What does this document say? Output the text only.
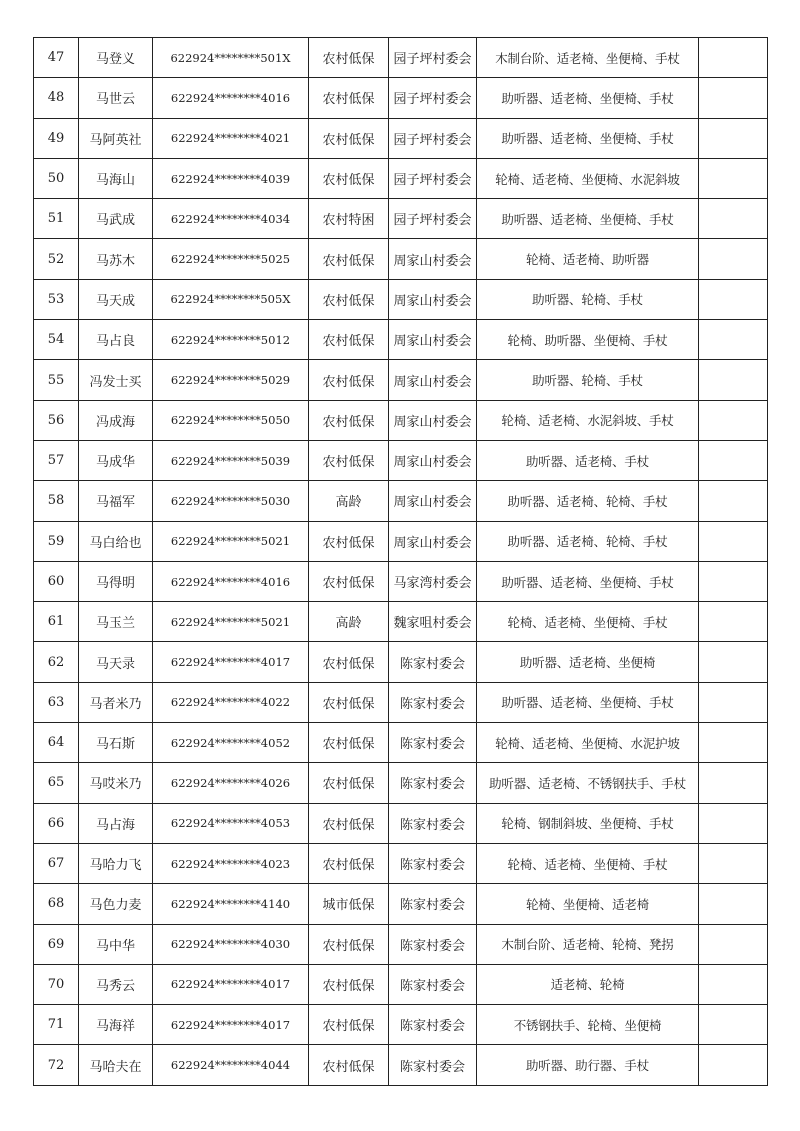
47	马登义	622924********501X	农村低保	园子坪村委会	木制台阶、适老椅、坐便椅、手杖	
48	马世云	622924********4016	农村低保	园子坪村委会	助听器、适老椅、坐便椅、手杖	
49	马阿英社	622924********4021	农村低保	园子坪村委会	助听器、适老椅、坐便椅、手杖	
50	马海山	622924********4039	农村低保	园子坪村委会	轮椅、适老椅、坐便椅、水泥斜坡	
51	马武成	622924********4034	农村特困	园子坪村委会	助听器、适老椅、坐便椅、手杖	
52	马苏木	622924********5025	农村低保	周家山村委会	轮椅、适老椅、助听器	
53	马天成	622924********505X	农村低保	周家山村委会	助听器、轮椅、手杖	
54	马占良	622924********5012	农村低保	周家山村委会	轮椅、助听器、坐便椅、手杖	
55	冯发士买	622924********5029	农村低保	周家山村委会	助听器、轮椅、手杖	
56	冯成海	622924********5050	农村低保	周家山村委会	轮椅、适老椅、水泥斜坡、手杖	
57	马成华	622924********5039	农村低保	周家山村委会	助听器、适老椅、手杖	
58	马福军	622924********5030	高龄	周家山村委会	助听器、适老椅、轮椅、手杖	
59	马白给也	622924********5021	农村低保	周家山村委会	助听器、适老椅、轮椅、手杖	
60	马得明	622924********4016	农村低保	马家湾村委会	助听器、适老椅、坐便椅、手杖	
61	马玉兰	622924********5021	高龄	魏家咀村委会	轮椅、适老椅、坐便椅、手杖	
62	马天录	622924********4017	农村低保	陈家村委会	助听器、适老椅、坐便椅	
63	马者米乃	622924********4022	农村低保	陈家村委会	助听器、适老椅、坐便椅、手杖	
64	马石斯	622924********4052	农村低保	陈家村委会	轮椅、适老椅、坐便椅、水泥护坡	
65	马哎米乃	622924********4026	农村低保	陈家村委会	助听器、适老椅、不锈钢扶手、手杖	
66	马占海	622924********4053	农村低保	陈家村委会	轮椅、钢制斜坡、坐便椅、手杖	
67	马哈力飞	622924********4023	农村低保	陈家村委会	轮椅、适老椅、坐便椅、手杖	
68	马色力麦	622924********4140	城市低保	陈家村委会	轮椅、坐便椅、适老椅	
69	马中华	622924********4030	农村低保	陈家村委会	木制台阶、适老椅、轮椅、凳拐	
70	马秀云	622924********4017	农村低保	陈家村委会	适老椅、轮椅	
71	马海祥	622924********4017	农村低保	陈家村委会	不锈钢扶手、轮椅、坐便椅	
72	马哈夫在	622924********4044	农村低保	陈家村委会	助听器、助行器、手杖	
